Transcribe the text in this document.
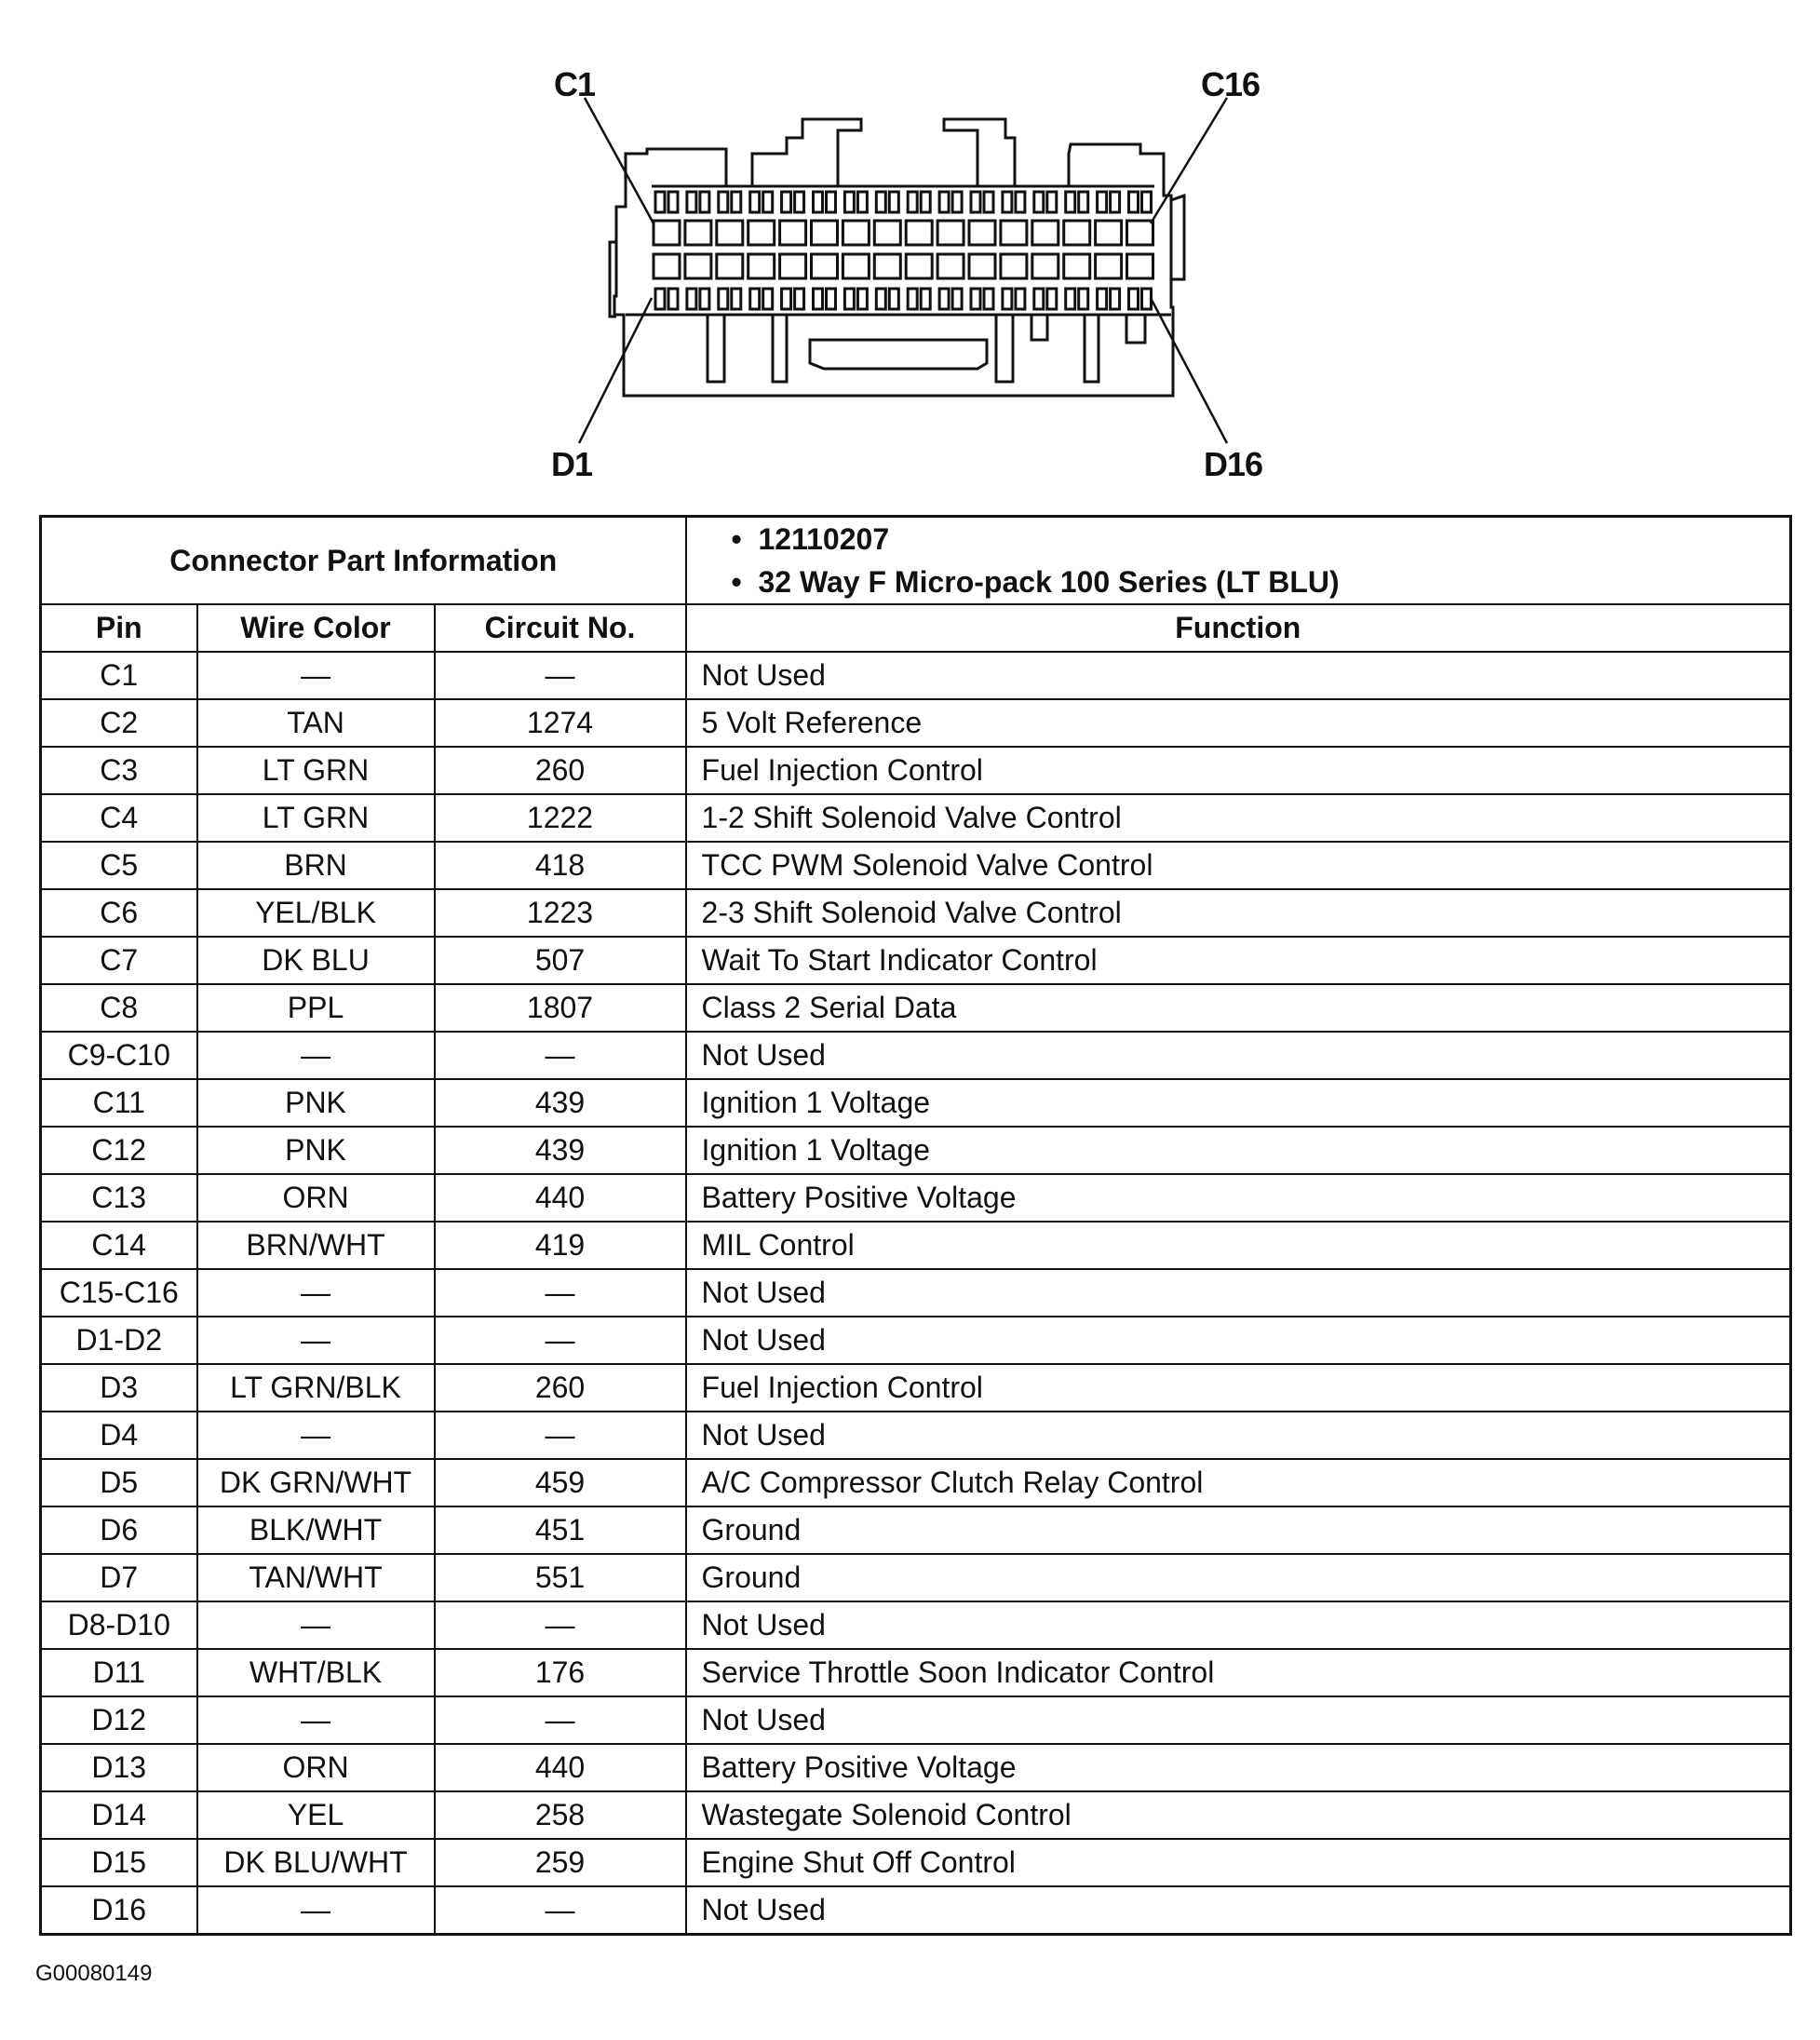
C1	C16
D1	D16
Connector Part Information			• 12110207
• 32 Way F Micro-pack 100 Series (LT BLU)

Pin	Wire Color	Circuit No.	Function
C1	—	—	Not Used
C2	TAN	1274	5 Volt Reference
C3	LT GRN	260	Fuel Injection Control
C4	LT GRN	1222	1-2 Shift Solenoid Valve Control
C5	BRN	418	TCC PWM Solenoid Valve Control
C6	YEL/BLK	1223	2-3 Shift Solenoid Valve Control
C7	DK BLU	507	Wait To Start Indicator Control
C8	PPL	1807	Class 2 Serial Data
C9-C10	—	—	Not Used
C11	PNK	439	Ignition 1 Voltage
C12	PNK	439	Ignition 1 Voltage
C13	ORN	440	Battery Positive Voltage
C14	BRN/WHT	419	MIL Control
C15-C16	—	—	Not Used
D1-D2	—	—	Not Used
D3	LT GRN/BLK	260	Fuel Injection Control
D4	—	—	Not Used
D5	DK GRN/WHT	459	A/C Compressor Clutch Relay Control
D6	BLK/WHT	451	Ground
D7	TAN/WHT	551	Ground
D8-D10	—	—	Not Used
D11	WHT/BLK	176	Service Throttle Soon Indicator Control
D12	—	—	Not Used
D13	ORN	440	Battery Positive Voltage
D14	YEL	258	Wastegate Solenoid Control
D15	DK BLU/WHT	259	Engine Shut Off Control
D16	—	—	Not Used
G00080149
